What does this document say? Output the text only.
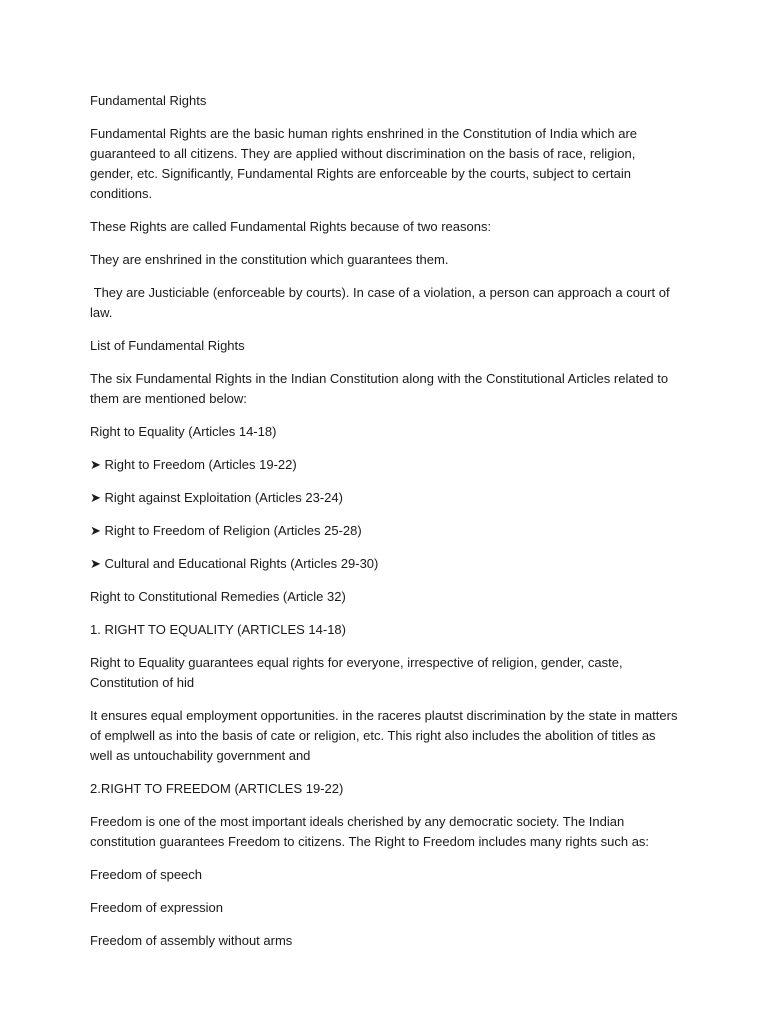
Fundamental Rights

Fundamental Rights are the basic human rights enshrined in the Constitution of India which are guaranteed to all citizens. They are applied without discrimination on the basis of race, religion, gender, etc. Significantly, Fundamental Rights are enforceable by the courts, subject to certain conditions.

These Rights are called Fundamental Rights because of two reasons:

They are enshrined in the constitution which guarantees them.

They are Justiciable (enforceable by courts). In case of a violation, a person can approach a court of law.

List of Fundamental Rights

The six Fundamental Rights in the Indian Constitution along with the Constitutional Articles related to them are mentioned below:

Right to Equality (Articles 14-18)

➤ Right to Freedom (Articles 19-22)

➤ Right against Exploitation (Articles 23-24)

➤ Right to Freedom of Religion (Articles 25-28)

➤ Cultural and Educational Rights (Articles 29-30)

Right to Constitutional Remedies (Article 32)

1. RIGHT TO EQUALITY (ARTICLES 14-18)

Right to Equality guarantees equal rights for everyone, irrespective of religion, gender, caste, Constitution of hid

It ensures equal employment opportunities. in the raceres plautst discrimination by the state in matters of emplwell as into the basis of cate or religion, etc. This right also includes the abolition of titles as well as untouchability government and

2.RIGHT TO FREEDOM (ARTICLES 19-22)

Freedom is one of the most important ideals cherished by any democratic society. The Indian constitution guarantees Freedom to citizens. The Right to Freedom includes many rights such as:

Freedom of speech

Freedom of expression

Freedom of assembly without arms
